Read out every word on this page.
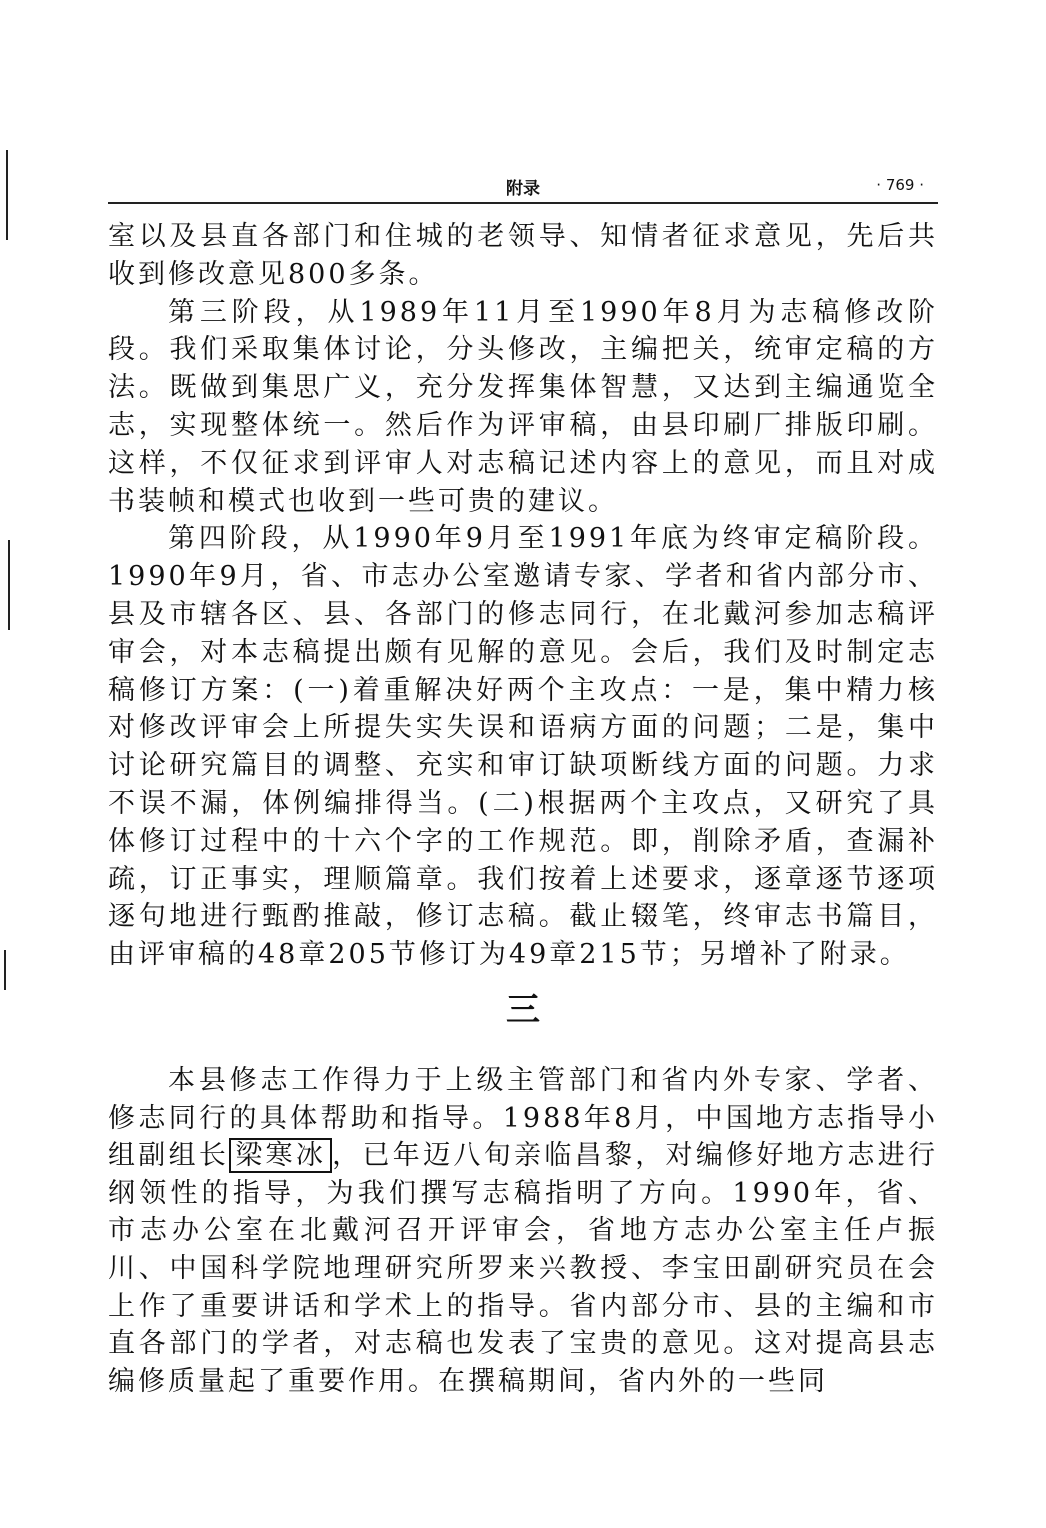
附录	· 769 ·

室以及县直各部门和住城的老领导、知情者征求意见，先后共收到修改意见800多条。

第三阶段，从1989年11月至1990年8月为志稿修改阶段。我们采取集体讨论，分头修改，主编把关，统审定稿的方法。既做到集思广义，充分发挥集体智慧，又达到主编通览全志，实现整体统一。然后作为评审稿，由县印刷厂排版印刷。这样，不仅征求到评审人对志稿记述内容上的意见，而且对成书装帧和模式也收到一些可贵的建议。

第四阶段，从1990年9月至1991年底为终审定稿阶段。1990年9月，省、市志办公室邀请专家、学者和省内部分市、县及市辖各区、县、各部门的修志同行，在北戴河参加志稿评审会，对本志稿提出颇有见解的意见。会后，我们及时制定志稿修订方案：(一)着重解决好两个主攻点：一是，集中精力核对修改评审会上所提失实失误和语病方面的问题；二是，集中讨论研究篇目的调整、充实和审订缺项断线方面的问题。力求不误不漏，体例编排得当。(二)根据两个主攻点，又研究了具体修订过程中的十六个字的工作规范。即，削除矛盾，查漏补疏，订正事实，理顺篇章。我们按着上述要求，逐章逐节逐项逐句地进行甄酌推敲，修订志稿。截止辍笔，终审志书篇目，由评审稿的48章205节修订为49章215节；另增补了附录。

三

本县修志工作得力于上级主管部门和省内外专家、学者、修志同行的具体帮助和指导。1988年8月，中国地方志指导小组副组长 梁寒冰 ，已年迈八旬亲临昌黎，对编修好地方志进行纲领性的指导，为我们撰写志稿指明了方向。1990年，省、市志办公室在北戴河召开评审会，省地方志办公室主任卢振川、中国科学院地理研究所罗来兴教授、李宝田副研究员在会上作了重要讲话和学术上的指导。省内部分市、县的主编和市直各部门的学者，对志稿也发表了宝贵的意见。这对提高县志编修质量起了重要作用。在撰稿期间，省内外的一些同
